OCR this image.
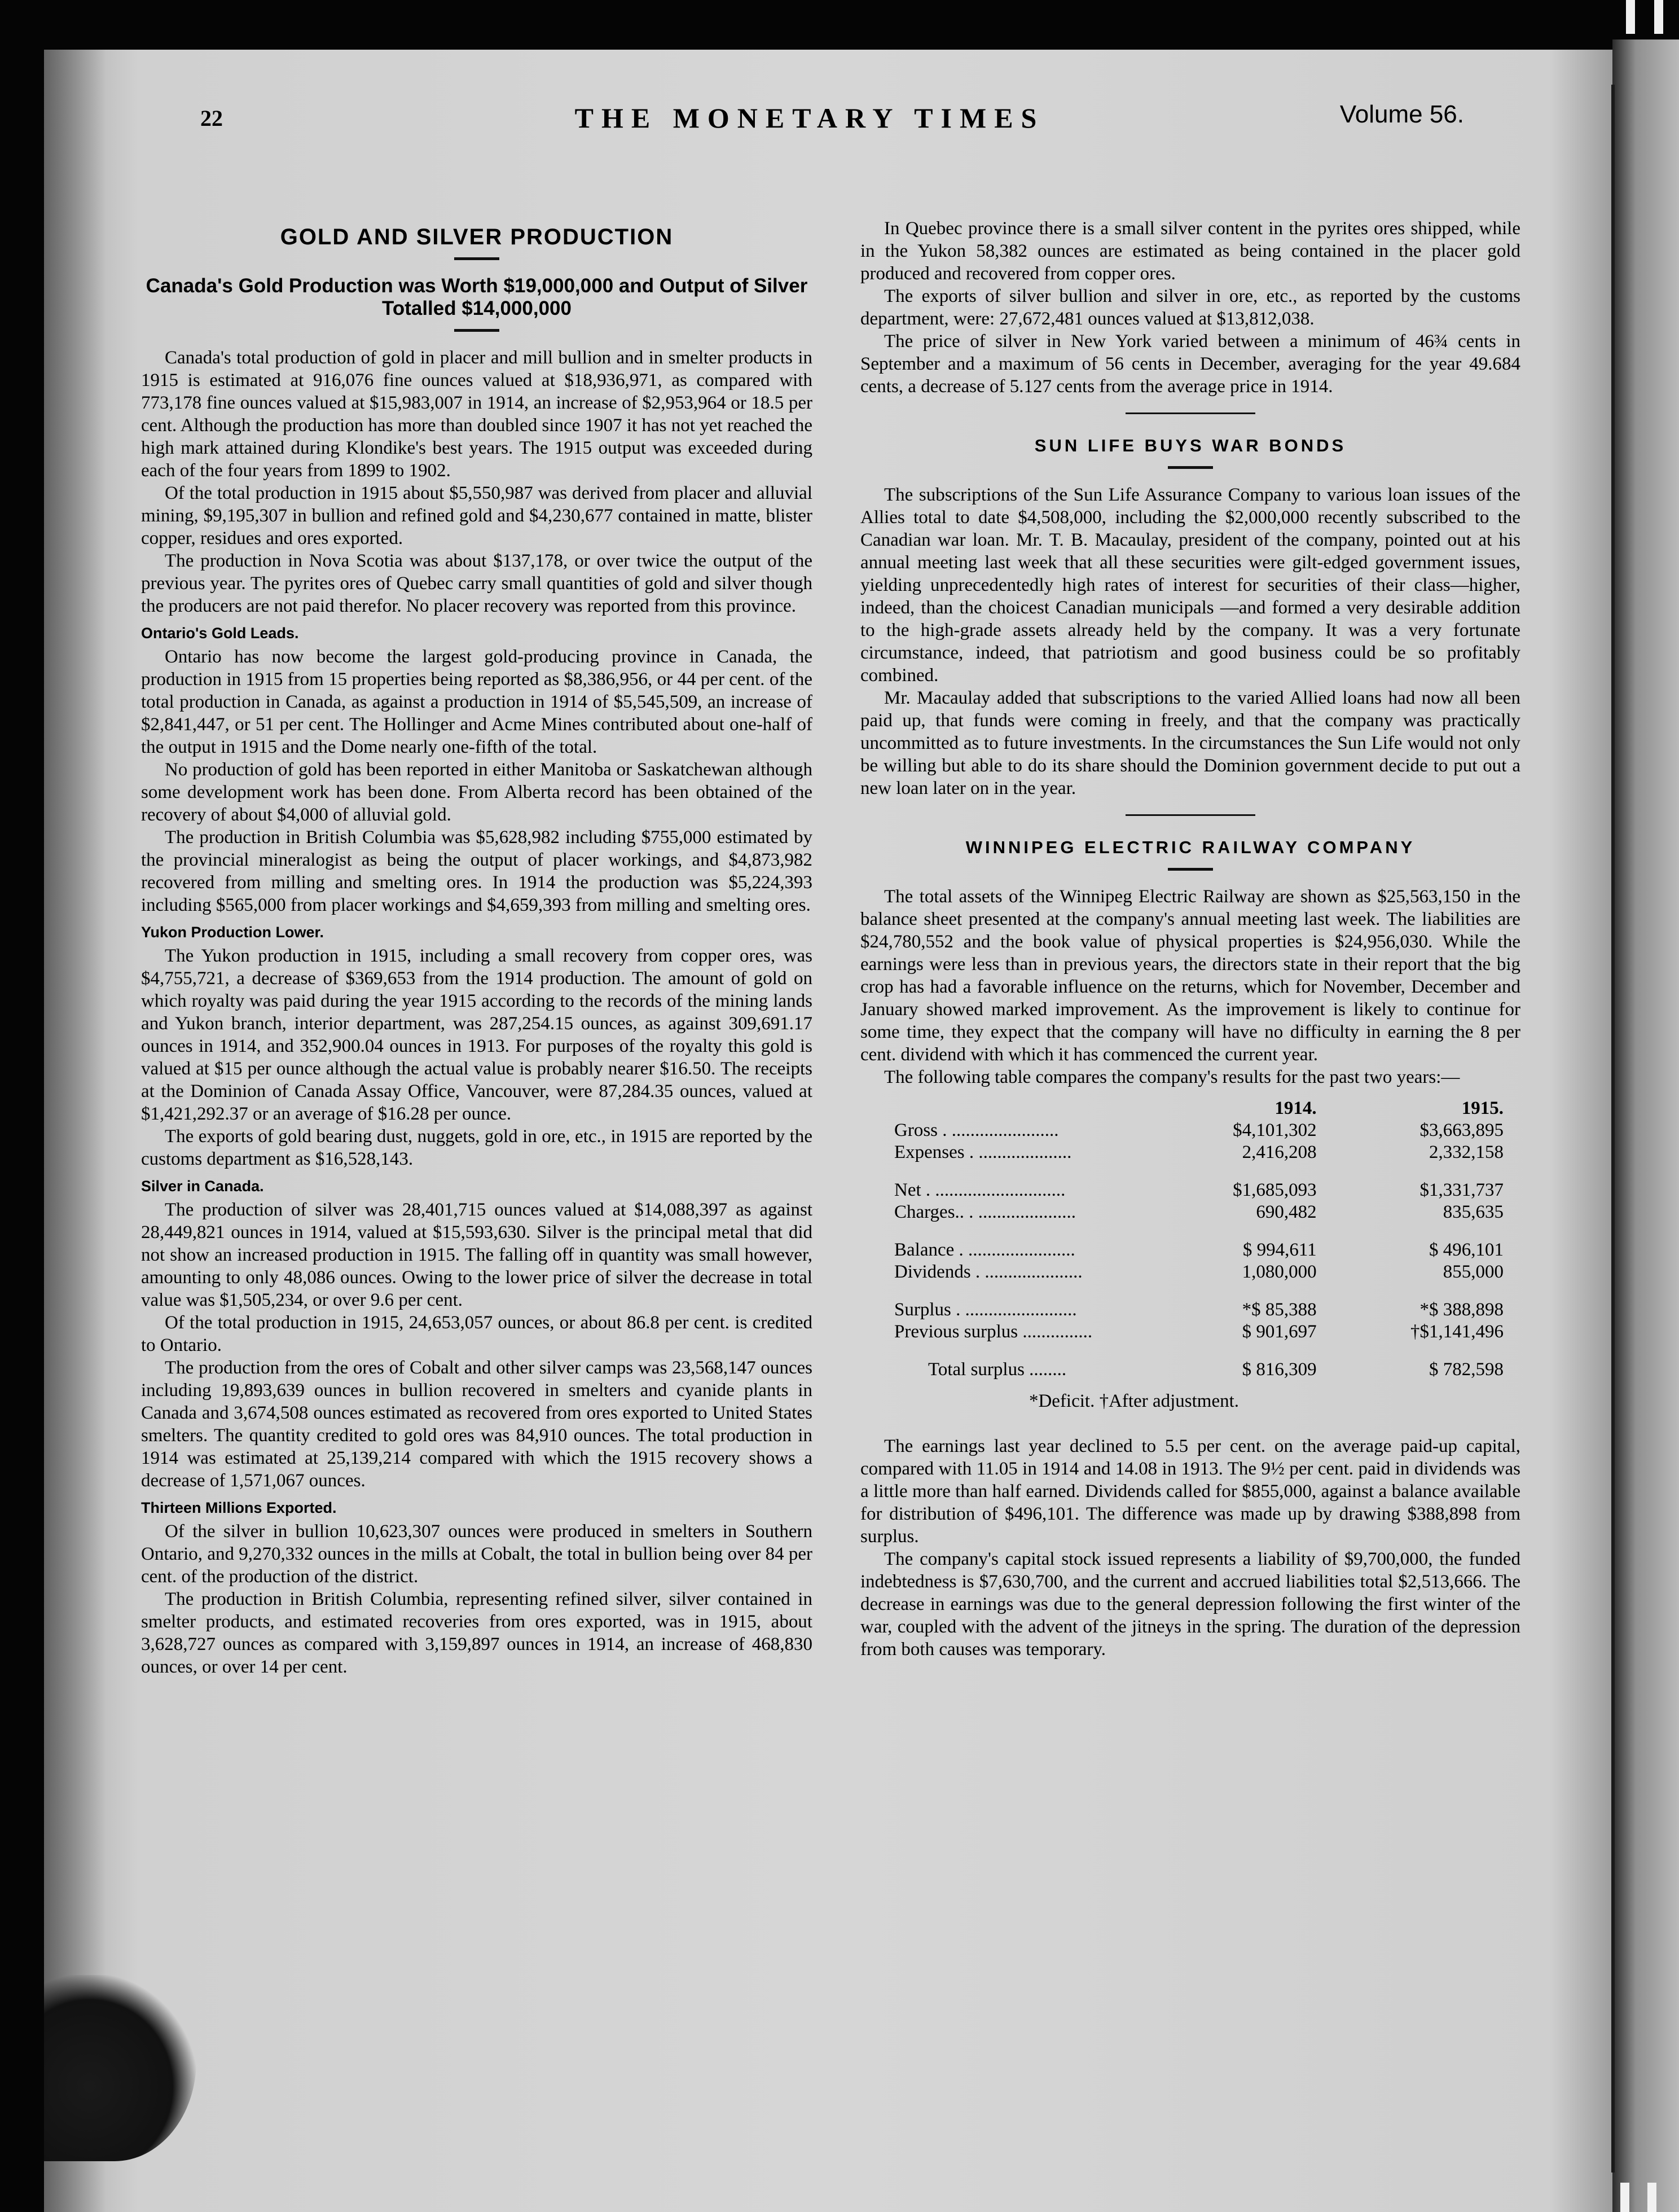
22	THE MONETARY TIMES	Volume 56.
GOLD AND SILVER PRODUCTION
Canada's Gold Production was Worth $19,000,000 and Output of Silver Totalled $14,000,000

Canada's total production of gold in placer and mill bullion and in smelter products in 1915 is estimated at 916,076 fine ounces valued at $18,936,971, as compared with 773,178 fine ounces valued at $15,983,007 in 1914, an increase of $2,953,964 or 18.5 per cent. Although the production has more than doubled since 1907 it has not yet reached the high mark attained during Klondike's best years. The 1915 output was exceeded during each of the four years from 1899 to 1902.

Of the total production in 1915 about $5,550,987 was derived from placer and alluvial mining, $9,195,307 in bullion and refined gold and $4,230,677 contained in matte, blister copper, residues and ores exported.

The production in Nova Scotia was about $137,178, or over twice the output of the previous year. The pyrites ores of Quebec carry small quantities of gold and silver though the producers are not paid therefor. No placer recovery was reported from this province.

Ontario's Gold Leads.

Ontario has now become the largest gold-producing province in Canada, the production in 1915 from 15 properties being reported as $8,386,956, or 44 per cent. of the total production in Canada, as against a production in 1914 of $5,545,509, an increase of $2,841,447, or 51 per cent. The Hollinger and Acme Mines contributed about one-half of the output in 1915 and the Dome nearly one-fifth of the total.

No production of gold has been reported in either Manitoba or Saskatchewan although some development work has been done. From Alberta record has been obtained of the recovery of about $4,000 of alluvial gold.

The production in British Columbia was $5,628,982 including $755,000 estimated by the provincial mineralogist as being the output of placer workings, and $4,873,982 recovered from milling and smelting ores. In 1914 the production was $5,224,393 including $565,000 from placer workings and $4,659,393 from milling and smelting ores.

Yukon Production Lower.

The Yukon production in 1915, including a small recovery from copper ores, was $4,755,721, a decrease of $369,653 from the 1914 production. The amount of gold on which royalty was paid during the year 1915 according to the records of the mining lands and Yukon branch, interior department, was 287,254.15 ounces, as against 309,691.17 ounces in 1914, and 352,900.04 ounces in 1913. For purposes of the royalty this gold is valued at $15 per ounce although the actual value is probably nearer $16.50. The receipts at the Dominion of Canada Assay Office, Vancouver, were 87,284.35 ounces, valued at $1,421,292.37 or an average of $16.28 per ounce.

The exports of gold bearing dust, nuggets, gold in ore, etc., in 1915 are reported by the customs department as $16,528,143.

Silver in Canada.

The production of silver was 28,401,715 ounces valued at $14,088,397 as against 28,449,821 ounces in 1914, valued at $15,593,630. Silver is the principal metal that did not show an increased production in 1915. The falling off in quantity was small however, amounting to only 48,086 ounces. Owing to the lower price of silver the decrease in total value was $1,505,234, or over 9.6 per cent.

Of the total production in 1915, 24,653,057 ounces, or about 86.8 per cent. is credited to Ontario.

The production from the ores of Cobalt and other silver camps was 23,568,147 ounces including 19,893,639 ounces in bullion recovered in smelters and cyanide plants in Canada and 3,674,508 ounces estimated as recovered from ores exported to United States smelters. The quantity credited to gold ores was 84,910 ounces. The total production in 1914 was estimated at 25,139,214 compared with which the 1915 recovery shows a decrease of 1,571,067 ounces.

Thirteen Millions Exported.

Of the silver in bullion 10,623,307 ounces were produced in smelters in Southern Ontario, and 9,270,332 ounces in the mills at Cobalt, the total in bullion being over 84 per cent. of the production of the district.

The production in British Columbia, representing refined silver, silver contained in smelter products, and estimated recoveries from ores exported, was in 1915, about 3,628,727 ounces as compared with 3,159,897 ounces in 1914, an increase of 468,830 ounces, or over 14 per cent.

In Quebec province there is a small silver content in the pyrites ores shipped, while in the Yukon 58,382 ounces are estimated as being contained in the placer gold produced and recovered from copper ores.

The exports of silver bullion and silver in ore, etc., as reported by the customs department, were: 27,672,481 ounces valued at $13,812,038.

The price of silver in New York varied between a minimum of 46¾ cents in September and a maximum of 56 cents in December, averaging for the year 49.684 cents, a decrease of 5.127 cents from the average price in 1914.

SUN LIFE BUYS WAR BONDS

The subscriptions of the Sun Life Assurance Company to various loan issues of the Allies total to date $4,508,000, including the $2,000,000 recently subscribed to the Canadian war loan. Mr. T. B. Macaulay, president of the company, pointed out at his annual meeting last week that all these securities were gilt-edged government issues, yielding unprecedentedly high rates of interest for securities of their class—higher, indeed, than the choicest Canadian municipals —and formed a very desirable addition to the high-grade assets already held by the company. It was a very fortunate circumstance, indeed, that patriotism and good business could be so profitably combined.

Mr. Macaulay added that subscriptions to the varied Allied loans had now all been paid up, that funds were coming in freely, and that the company was practically uncommitted as to future investments. In the circumstances the Sun Life would not only be willing but able to do its share should the Dominion government decide to put out a new loan later on in the year.

WINNIPEG ELECTRIC RAILWAY COMPANY

The total assets of the Winnipeg Electric Railway are shown as $25,563,150 in the balance sheet presented at the company's annual meeting last week. The liabilities are $24,780,552 and the book value of physical properties is $24,956,030. While the earnings were less than in previous years, the directors state in their report that the big crop has had a favorable influence on the returns, which for November, December and January showed marked improvement. As the improvement is likely to continue for some time, they expect that the company will have no difficulty in earning the 8 per cent. dividend with which it has commenced the current year.

The following table compares the company's results for the past two years:—

	1914.	1915.
Gross . .......................	$4,101,302	$3,663,895
Expenses . ....................	2,416,208	2,332,158

Net . ............................	$1,685,093	$1,331,737
Charges.. . .....................	690,482	835,635

Balance . .......................	$ 994,611	$ 496,101
Dividends . .....................	1,080,000	855,000

Surplus . ........................	*$ 85,388	*$ 388,898
Previous surplus ...............	$ 901,697	†$1,141,496

Total surplus ........	$ 816,309	$ 782,598
*Deficit. †After adjustment.

The earnings last year declined to 5.5 per cent. on the average paid-up capital, compared with 11.05 in 1914 and 14.08 in 1913. The 9½ per cent. paid in dividends was a little more than half earned. Dividends called for $855,000, against a balance available for distribution of $496,101. The difference was made up by drawing $388,898 from surplus.

The company's capital stock issued represents a liability of $9,700,000, the funded indebtedness is $7,630,700, and the current and accrued liabilities total $2,513,666. The decrease in earnings was due to the general depression following the first winter of the war, coupled with the advent of the jitneys in the spring. The duration of the depression from both causes was temporary.
